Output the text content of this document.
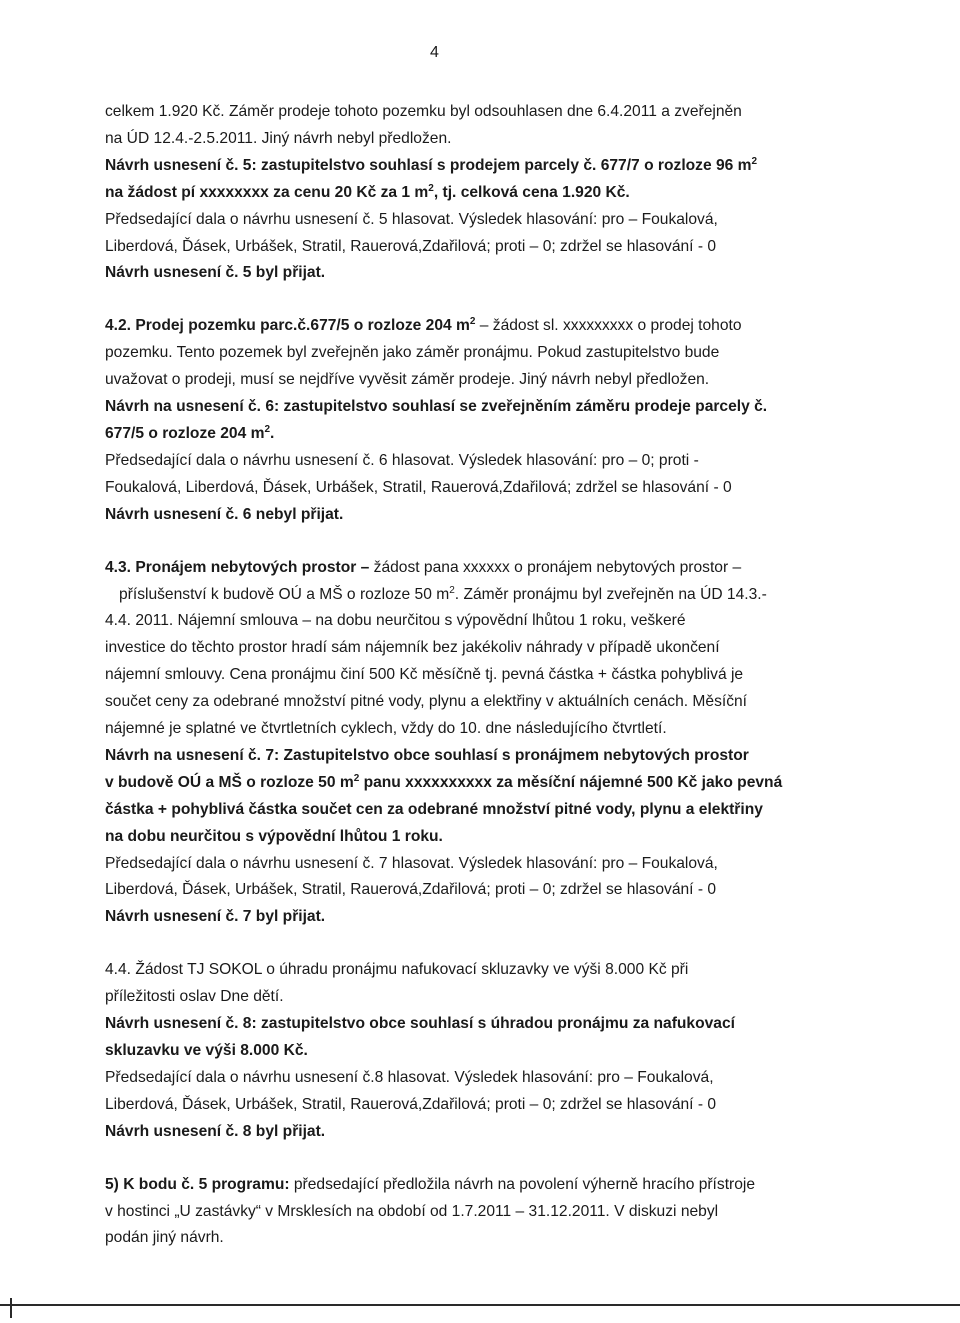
4
celkem 1.920 Kč. Záměr prodeje tohoto pozemku byl odsouhlasen dne 6.4.2011 a zveřejněn
na ÚD 12.4.-2.5.2011. Jiný návrh nebyl předložen.
Návrh usnesení č. 5: zastupitelstvo souhlasí s prodejem parcely č. 677/7 o rozloze 96 $m^2$
na žádost pí xxxxxxxx za cenu 20 Kč za 1 $m^2$, tj. celková cena 1.920 Kč.
Předsedající dala o návrhu usnesení č. 5 hlasovat. Výsledek hlasování: pro – Foukalová,
Liberdová, Ďásek, Urbášek, Stratil, Rauerová,Zdařilová; proti – 0; zdržel se hlasování - 0
Návrh usnesení č. 5 byl přijat.
4.2. Prodej pozemku parc.č.677/5 o rozloze 204 $m^2$ – žádost sl. xxxxxxxxx o prodej tohoto
pozemku. Tento pozemek byl zveřejněn jako záměr pronájmu. Pokud zastupitelstvo bude
uvažovat o prodeji, musí se nejdříve vyvěsit záměr prodeje. Jiný návrh nebyl předložen.
Návrh na usnesení č. 6: zastupitelstvo souhlasí se zveřejněním záměru prodeje parcely č.
677/5 o rozloze 204 $m^2$.
Předsedající dala o návrhu usnesení č. 6 hlasovat. Výsledek hlasování: pro – 0; proti -
Foukalová, Liberdová, Ďásek, Urbášek, Stratil, Rauerová,Zdařilová; zdržel se hlasování - 0
Návrh usnesení č. 6 nebyl přijat.
4.3. Pronájem nebytových prostor – žádost pana xxxxxx o pronájem nebytových prostor –
příslušenství k budově OÚ a MŠ o rozloze 50 $m^2$. Záměr pronájmu byl zveřejněn na ÚD 14.3.-
4.4. 2011. Nájemní smlouva – na dobu neurčitou s výpovědní lhůtou 1 roku, veškeré
investice do těchto prostor hradí sám nájemník bez jakékoliv náhrady v případě ukončení
nájemní smlouvy. Cena pronájmu činí 500 Kč měsíčně tj. pevná částka + částka pohyblivá je
součet ceny za odebrané množství pitné vody, plynu a elektřiny v aktuálních cenách. Měsíční
nájemné je splatné ve čtvrtletních cyklech, vždy do 10. dne následujícího čtvrtletí.
Návrh na usnesení č. 7: Zastupitelstvo obce souhlasí s pronájmem nebytových prostor
v budově OÚ a MŠ o rozloze 50 $m^2$ panu xxxxxxxxxx za měsíční nájemné 500 Kč jako pevná
částka + pohyblivá částka součet cen za odebrané množství pitné vody, plynu a elektřiny
na dobu neurčitou s výpovědní lhůtou 1 roku.
Předsedající dala o návrhu usnesení č. 7 hlasovat. Výsledek hlasování: pro – Foukalová,
Liberdová, Ďásek, Urbášek, Stratil, Rauerová,Zdařilová; proti – 0; zdržel se hlasování - 0
Návrh usnesení č. 7 byl přijat.
4.4. Žádost TJ SOKOL o úhradu pronájmu nafukovací skluzavky ve výši 8.000 Kč při
příležitosti oslav Dne dětí.
Návrh usnesení č. 8: zastupitelstvo obce souhlasí s úhradou pronájmu za nafukovací
skluzavku ve výši 8.000 Kč.
Předsedající dala o návrhu usnesení č.8 hlasovat. Výsledek hlasování: pro – Foukalová,
Liberdová, Ďásek, Urbášek, Stratil, Rauerová,Zdařilová; proti – 0; zdržel se hlasování - 0
Návrh usnesení č. 8 byl přijat.
5) K bodu č. 5 programu: předsedající předložila návrh na povolení výherně hracího přístroje
v hostinci „U zastávky“ v Mrsklesích na období od 1.7.2011 – 31.12.2011. V diskuzi nebyl
podán jiný návrh.
